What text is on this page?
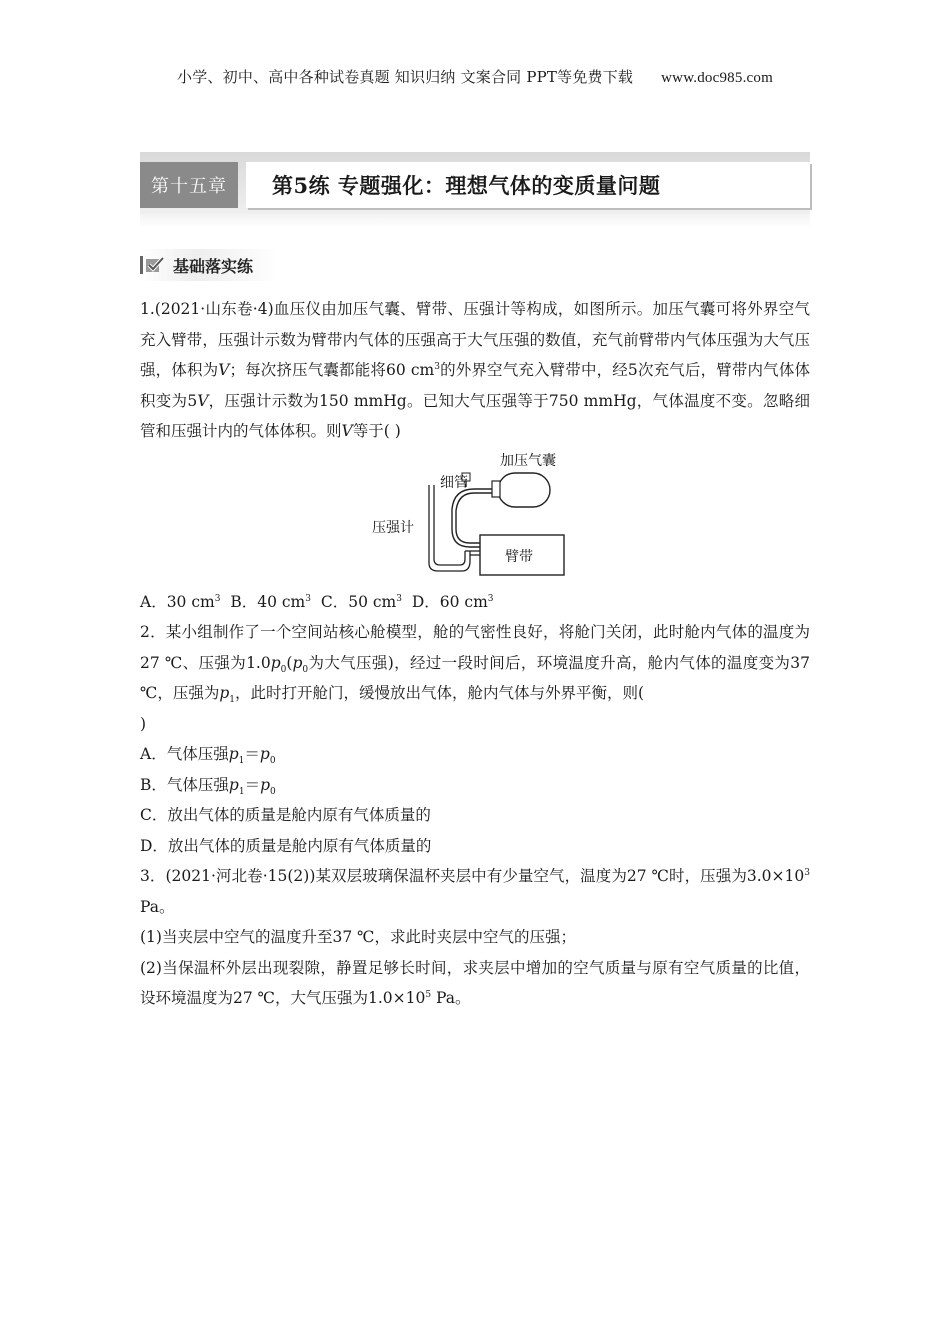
小学、初中、高中各种试卷真题 知识归纳 文案合同 PPT等免费下载 www.doc985.com
第十五章	第5练 专题强化：理想气体的变质量问题
基础落实练

1.(2021·山东卷·4)血压仪由加压气囊、臂带、压强计等构成，如图所示。加压气囊可将外界空气充入臂带，压强计示数为臂带内气体的压强高于大气压强的数值，充气前臂带内气体压强为大气压强，体积为V；每次挤压气囊都能将60 $cm^3$的外界空气充入臂带中，经5次充气后，臂带内气体体积变为5V，压强计示数为150 mmHg。已知大气压强等于750 mmHg，气体温度不变。忽略细管和压强计内的气体体积。则V等于( )

加压气囊
细管
压强计
臂带

A．30 $cm^3$ B．40 $cm^3$ C．50 $cm^3$ D．60 $cm^3$

2．某小组制作了一个空间站核心舱模型，舱的气密性良好，将舱门关闭，此时舱内气体的温度为27 ℃、压强为$1.0p_0(p_0$为大气压强)，经过一段时间后，环境温度升高，舱内气体的温度变为37 ℃，压强为$p_1$，此时打开舱门，缓慢放出气体，舱内气体与外界平衡，则(
)

A．气体压强$p_1=p_0$

B．气体压强$p_1=p_0$

C．放出气体的质量是舱内原有气体质量的

D．放出气体的质量是舱内原有气体质量的

3．(2021·河北卷·15(2))某双层玻璃保温杯夹层中有少量空气，温度为27 ℃时，压强为$3.0\times 10^3$ Pa。

(1)当夹层中空气的温度升至37 ℃，求此时夹层中空气的压强；

(2)当保温杯外层出现裂隙，静置足够长时间，求夹层中增加的空气质量与原有空气质量的比值，设环境温度为27 ℃，大气压强为$1.0\times 10^5$ Pa。
